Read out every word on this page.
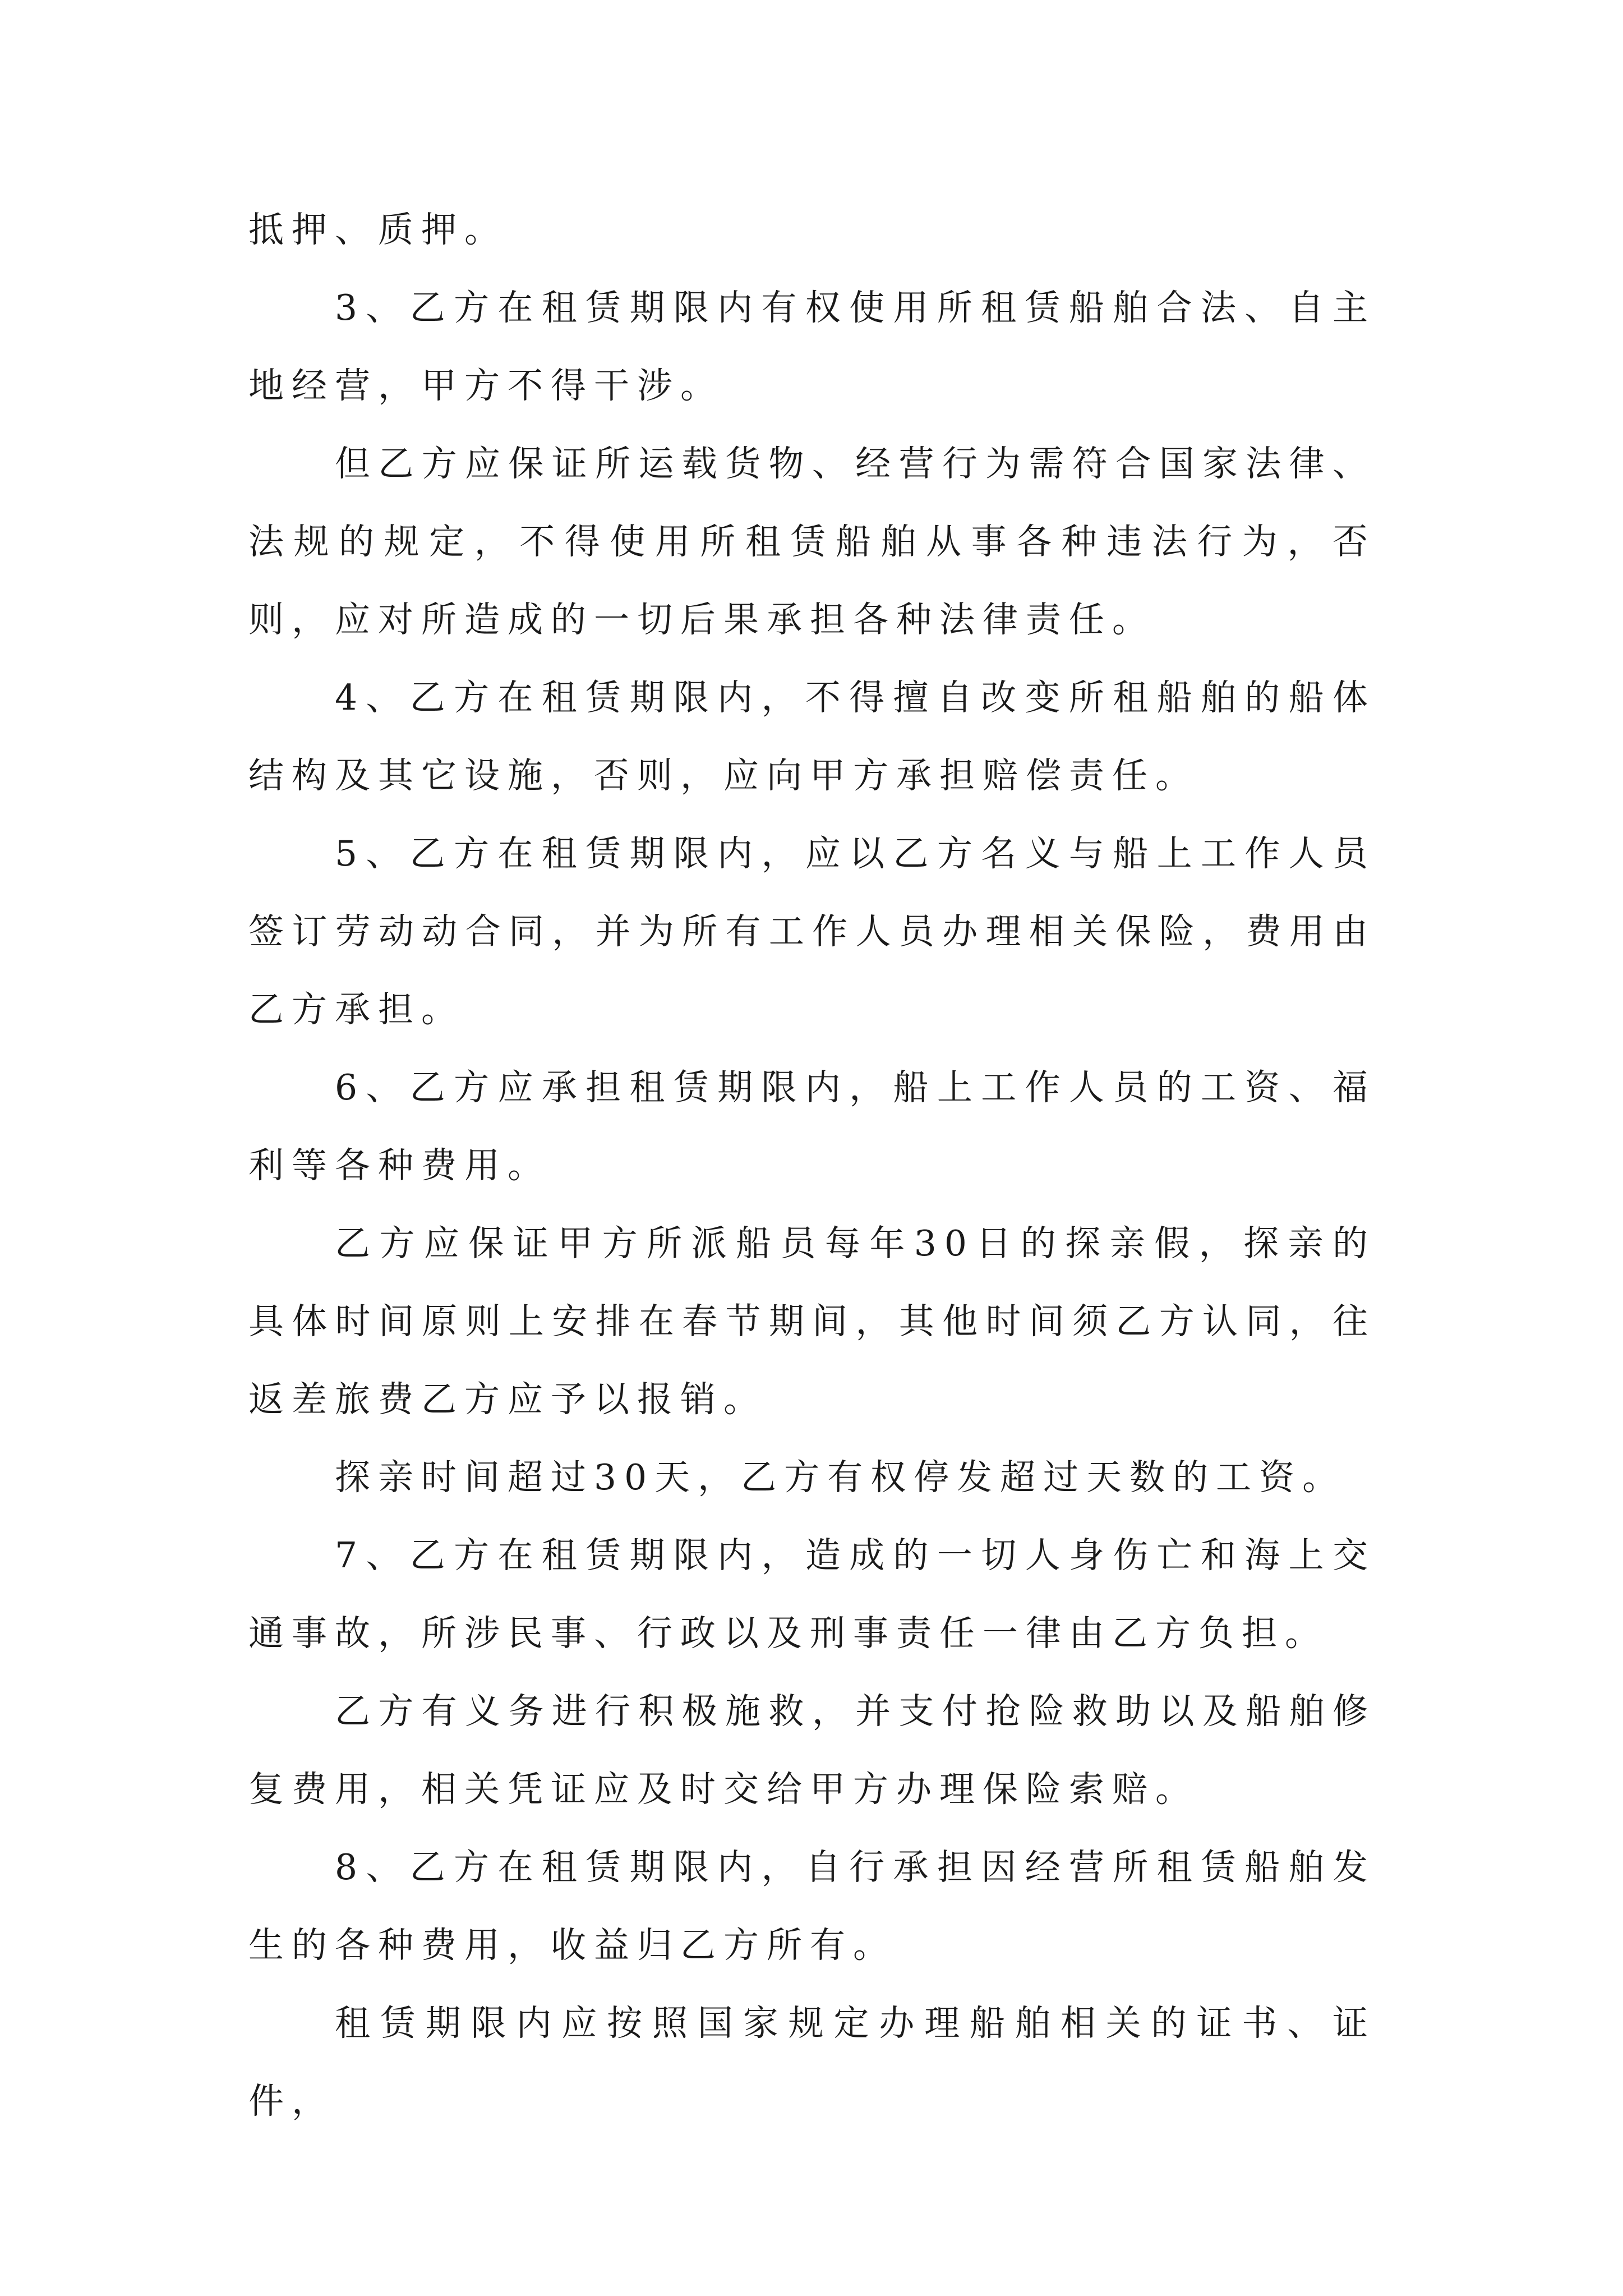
抵押、质押。

3、乙方在租赁期限内有权使用所租赁船舶合法、自主地经营，甲方不得干涉。

但乙方应保证所运载货物、经营行为需符合国家法律、法规的规定，不得使用所租赁船舶从事各种违法行为，否则，应对所造成的一切后果承担各种法律责任。

4、乙方在租赁期限内，不得擅自改变所租船舶的船体结构及其它设施，否则，应向甲方承担赔偿责任。

5、乙方在租赁期限内，应以乙方名义与船上工作人员签订劳动动合同，并为所有工作人员办理相关保险，费用由乙方承担。

6、乙方应承担租赁期限内，船上工作人员的工资、福利等各种费用。

乙方应保证甲方所派船员每年30日的探亲假，探亲的具体时间原则上安排在春节期间，其他时间须乙方认同，往返差旅费乙方应予以报销。

探亲时间超过30天，乙方有权停发超过天数的工资。

7、乙方在租赁期限内，造成的一切人身伤亡和海上交通事故，所涉民事、行政以及刑事责任一律由乙方负担。

乙方有义务进行积极施救，并支付抢险救助以及船舶修复费用，相关凭证应及时交给甲方办理保险索赔。

8、乙方在租赁期限内，自行承担因经营所租赁船舶发生的各种费用，收益归乙方所有。

租赁期限内应按照国家规定办理船舶相关的证书、证件，
